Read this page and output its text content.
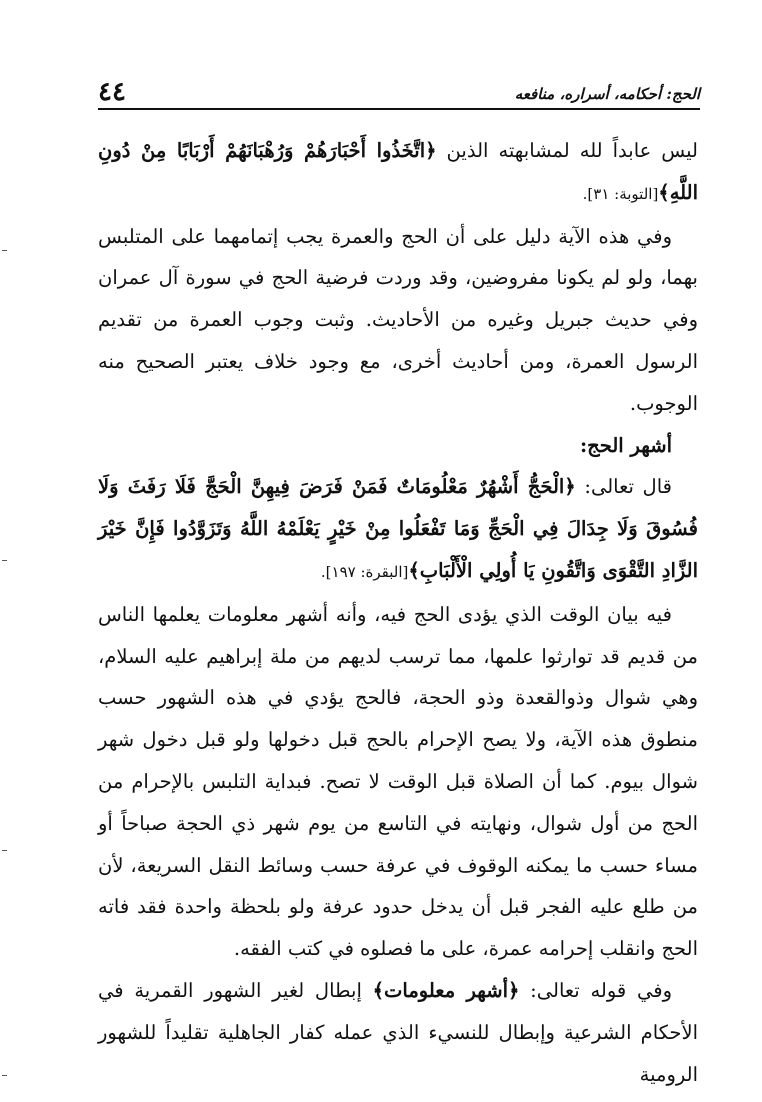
٤٤	الحج: أحكامه، أسراره، منافعه

ليس عابداً لله لمشابهته الذين ﴿اتَّخَذُوا أَحْبَارَهُمْ وَرُهْبَانَهُمْ أَرْبَابًا مِنْ دُونِ اللَّهِ﴾[التوبة: ٣١].

وفي هذه الآية دليل على أن الحج والعمرة يجب إتمامهما على المتلبس بهما، ولو لم يكونا مفروضين، وقد وردت فرضية الحج في سورة آل عمران وفي حديث جبريل وغيره من الأحاديث. وثبت وجوب العمرة من تقديم الرسول العمرة، ومن أحاديث أخرى، مع وجود خلاف يعتبر الصحيح منه الوجوب.

أشهر الحج:

قال تعالى: ﴿الْحَجُّ أَشْهُرٌ مَعْلُومَاتٌ فَمَنْ فَرَضَ فِيهِنَّ الْحَجَّ فَلَا رَفَثَ وَلَا فُسُوقَ وَلَا جِدَالَ فِي الْحَجِّ وَمَا تَفْعَلُوا مِنْ خَيْرٍ يَعْلَمْهُ اللَّهُ وَتَزَوَّدُوا فَإِنَّ خَيْرَ الزَّادِ التَّقْوَى وَاتَّقُونِ يَا أُولِي الْأَلْبَابِ﴾[البقرة: ١٩٧].

فيه بيان الوقت الذي يؤدى الحج فيه، وأنه أشهر معلومات يعلمها الناس من قديم قد توارثوا علمها، مما ترسب لديهم من ملة إبراهيم عليه السلام، وهي شوال وذوالقعدة وذو الحجة، فالحج يؤدي في هذه الشهور حسب منطوق هذه الآية، ولا يصح الإحرام بالحج قبل دخولها ولو قبل دخول شهر شوال بيوم. كما أن الصلاة قبل الوقت لا تصح. فبداية التلبس بالإحرام من الحج من أول شوال، ونهايته في التاسع من يوم شهر ذي الحجة صباحاً أو مساء حسب ما يمكنه الوقوف في عرفة حسب وسائط النقل السريعة، لأن من طلع عليه الفجر قبل أن يدخل حدود عرفة ولو بلحظة واحدة فقد فاته الحج وانقلب إحرامه عمرة، على ما فصلوه في كتب الفقه.

وفي قوله تعالى: ﴿أشهر معلومات﴾ إبطال لغير الشهور القمرية في الأحكام الشرعية وإبطال للنسيء الذي عمله كفار الجاهلية تقليداً للشهور الرومية
